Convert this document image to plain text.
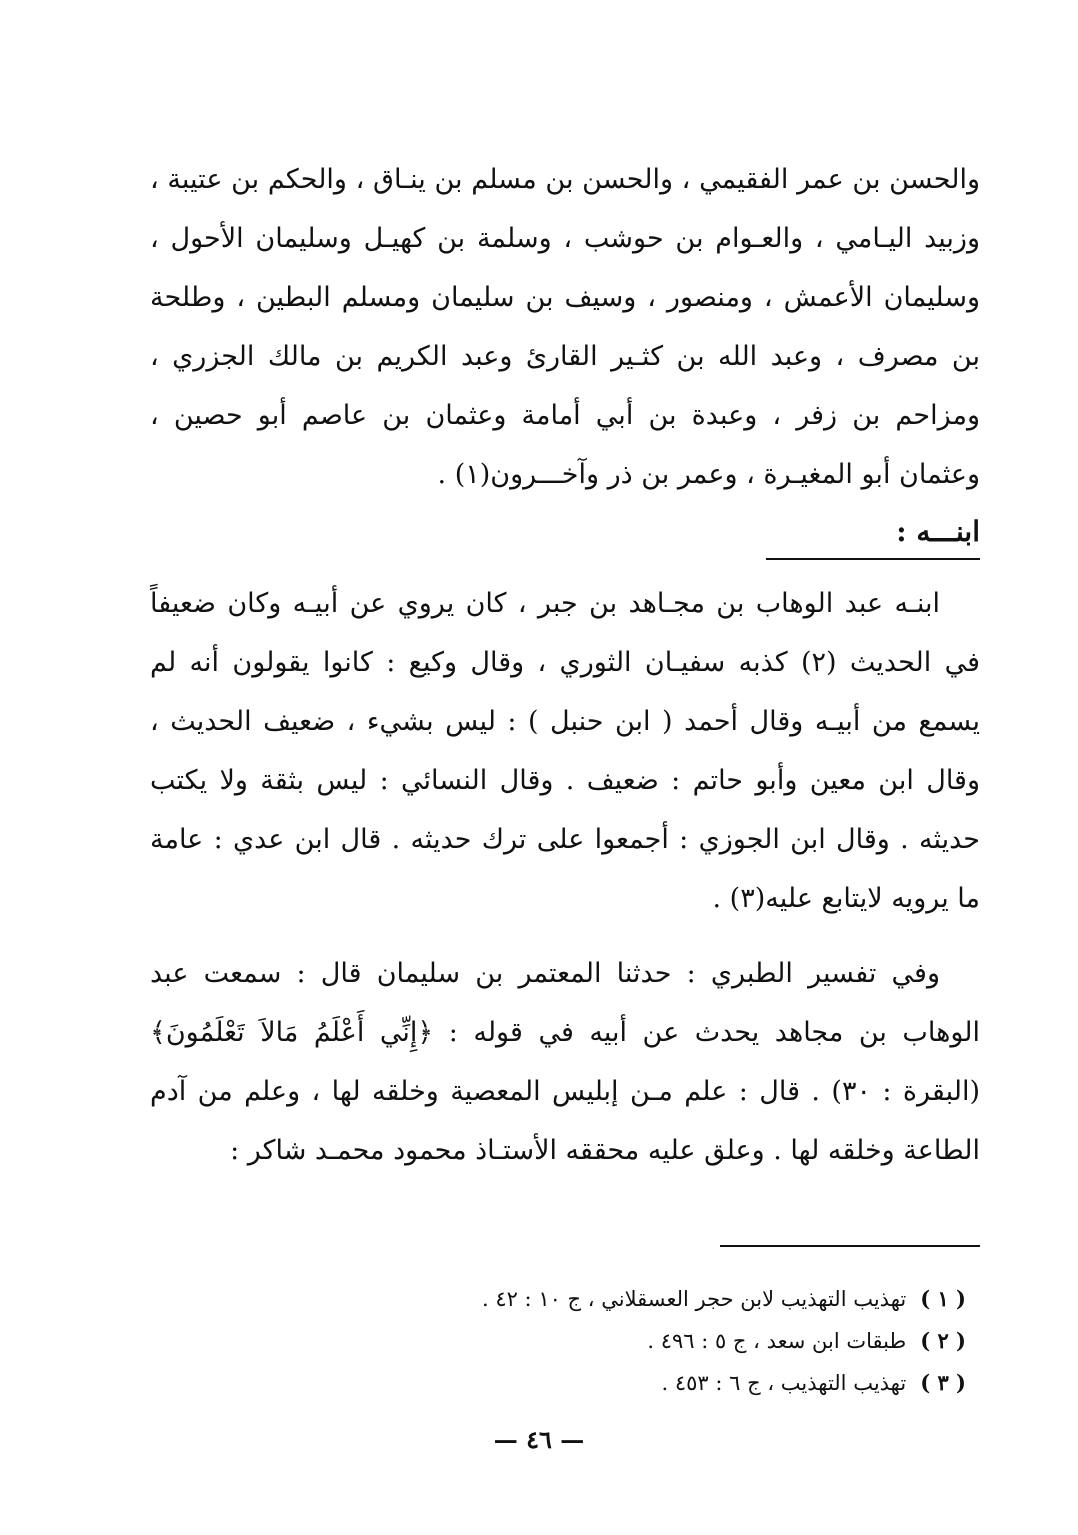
والحسن بن عمر الفقيمي ، والحسن بن مسلم بن ينـاق ، والحكم بن عتيبة ، وزبيد اليـامي ، والعـوام بن حوشب ، وسلمة بن كهيـل وسليمان الأحول ، وسليمان الأعمش ، ومنصور ، وسيف بن سليمان ومسلم البطين ، وطلحة بن مصرف ، وعبد الله بن كثـير القارئ وعبد الكريم بن مالك الجزري ، ومزاحم بن زفر ، وعبدة بن أبي أمامة وعثمان بن عاصم أبو حصين ، وعثمان أبو المغيـرة ، وعمر بن ذر وآخـــرون(١) .

ابنـــه :

ابنـه عبد الوهاب بن مجـاهد بن جبر ، كان يروي عن أبيـه وكان ضعيفاً في الحديث (٢) كذبه سفيـان الثوري ، وقال وكيع : كانوا يقولون أنه لم يسمع من أبيـه وقال أحمد ( ابن حنبل ) : ليس بشيء ، ضعيف الحديث ، وقال ابن معين وأبو حاتم : ضعيف . وقال النسائي : ليس بثقة ولا يكتب حديثه . وقال ابن الجوزي : أجمعوا على ترك حديثه . قال ابن عدي : عامة ما يرويه لايتابع عليه(٣) .

وفي تفسير الطبري : حدثنا المعتمر بن سليمان قال : سمعت عبد الوهاب بن مجاهد يحدث عن أبيه في قوله : ﴿إِنِّي أَعْلَمُ مَالاَ تَعْلَمُونَ﴾ (البقرة : ٣٠) . قال : علم مـن إبليس المعصية وخلقه لها ، وعلم من آدم الطاعة وخلقه لها . وعلق عليه محققه الأستـاذ محمود محمـد شاكر :

( ١ )تهذيب التهذيب لابن حجر العسقلاني ، ج ١٠ : ٤٢ .
( ٢ )طبقات ابن سعد ، ج ٥ : ٤٩٦ .
( ٣ )تهذيب التهذيب ، ج ٦ : ٤٥٣ .
— ٤٦ —
